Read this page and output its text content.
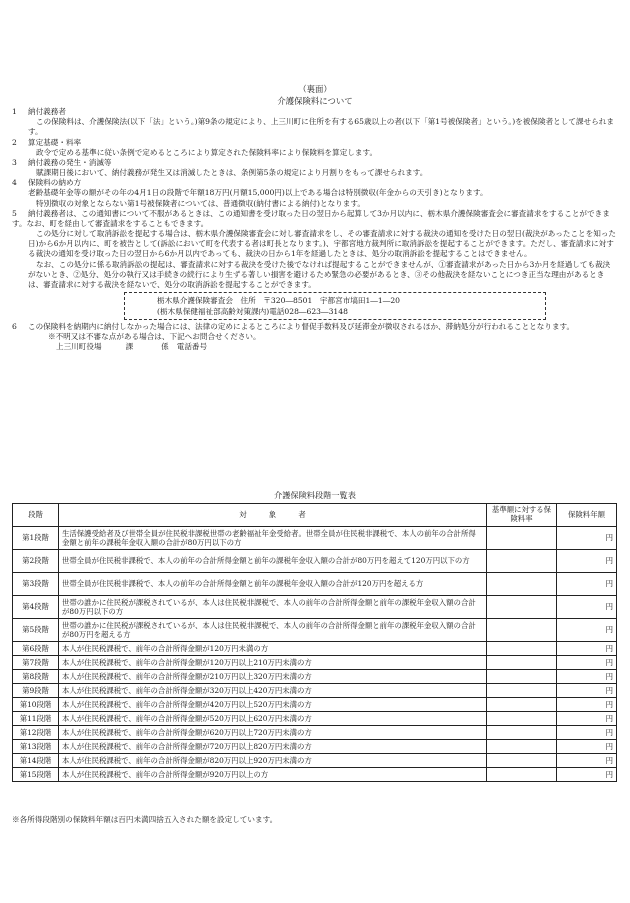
（裏面）
介護保険料について
1 納付義務者

この保険料は、介護保険法(以下「法」という。)第9条の規定により、上三川町に住所を有する65歳以上の者(以下「第1号被保険者」という。)を被保険者として課せられます。

2 算定基礎・料率

政令で定める基準に従い条例で定めるところにより算定された保険料率により保険料を算定します。

3 納付義務の発生・消滅等

賦課期日後において、納付義務が発生又は消滅したときは、条例第5条の規定により月割りをもって課せられます。

4 保険料の納め方

老齢基礎年金等の額がその年の4月1日の段階で年額18万円(月額15,000円)以上である場合は特別徴収(年金からの天引き)となります。

特別徴収の対象とならない第1号被保険者については、普通徴収(納付書による納付)となります。

5 納付義務者は、この通知書について不服があるときは、この通知書を受け取った日の翌日から起算して3か月以内に、栃木県介護保険審査会に審査請求をすることができます。なお、町を経由して審査請求をすることもできます。

この処分に対して取消訴訟を提起する場合は、栃木県介護保険審査会に対し審査請求をし、その審査請求に対する裁決の通知を受けた日の翌日(裁決があったことを知った日)から6か月以内に、町を被告として(訴訟において町を代表する者は町長となります。)、宇都宮地方裁判所に取消訴訟を提起することができます。ただし、審査請求に対する裁決の通知を受け取った日の翌日から6か月以内であっても、裁決の日から1年を経過したときは、処分の取消訴訟を提起することはできません。

なお、この処分に係る取消訴訟の提起は、審査請求に対する裁決を受けた後でなければ提起することができませんが、①審査請求があった日から3か月を経過しても裁決がないとき、②処分、処分の執行又は手続きの続行により生ずる著しい損害を避けるため緊急の必要があるとき、③その他裁決を経ないことにつき正当な理由があるときは、審査請求に対する裁決を経ないで、処分の取消訴訟を提起することができます。

栃木県介護保険審査会　住所　〒320―8501　宇都宮市塙田1―1―20
(栃木県保健福祉部高齢対策課内)電話028―623―3148
6 この保険料を納期内に納付しなかった場合には、法律の定めによるところにより督促手数料及び延滞金が徴収されるほか、滞納処分が行われることとなります。

※不明又は不審な点がある場合は、下記へお問合せください。

上三川町役場	課	係 電話番号

介護保険料段階一覧表
段階	対　　　象　　　者	基準額に対する保険料率	保険料年額
第1段階	生活保護受給者及び世帯全員が住民税非課税世帯の老齢福祉年金受給者。世帯全員が住民税非課税で、本人の前年の合計所得金額と前年の課税年金収入額の合計が80万円以下の方		円
第2段階	世帯全員が住民税非課税で、本人の前年の合計所得金額と前年の課税年金収入額の合計が80万円を超えて120万円以下の方		円
第3段階	世帯全員が住民税非課税で、本人の前年の合計所得金額と前年の課税年金収入額の合計が120万円を超える方		円
第4段階	世帯の誰かに住民税が課税されているが、本人は住民税非課税で、本人の前年の合計所得金額と前年の課税年金収入額の合計が80万円以下の方		円
第5段階	世帯の誰かに住民税が課税されているが、本人は住民税非課税で、本人の前年の合計所得金額と前年の課税年金収入額の合計が80万円を超える方		円
第6段階	本人が住民税課税で、前年の合計所得金額が120万円未満の方		円
第7段階	本人が住民税課税で、前年の合計所得金額が120万円以上210万円未満の方		円
第8段階	本人が住民税課税で、前年の合計所得金額が210万円以上320万円未満の方		円
第9段階	本人が住民税課税で、前年の合計所得金額が320万円以上420万円未満の方		円
第10段階	本人が住民税課税で、前年の合計所得金額が420万円以上520万円未満の方		円
第11段階	本人が住民税課税で、前年の合計所得金額が520万円以上620万円未満の方		円
第12段階	本人が住民税課税で、前年の合計所得金額が620万円以上720万円未満の方		円
第13段階	本人が住民税課税で、前年の合計所得金額が720万円以上820万円未満の方		円
第14段階	本人が住民税課税で、前年の合計所得金額が820万円以上920万円未満の方		円
第15段階	本人が住民税課税で、前年の合計所得金額が920万円以上の方		円
※各所得段階別の保険料年額は百円未満四捨五入された額を設定しています。
